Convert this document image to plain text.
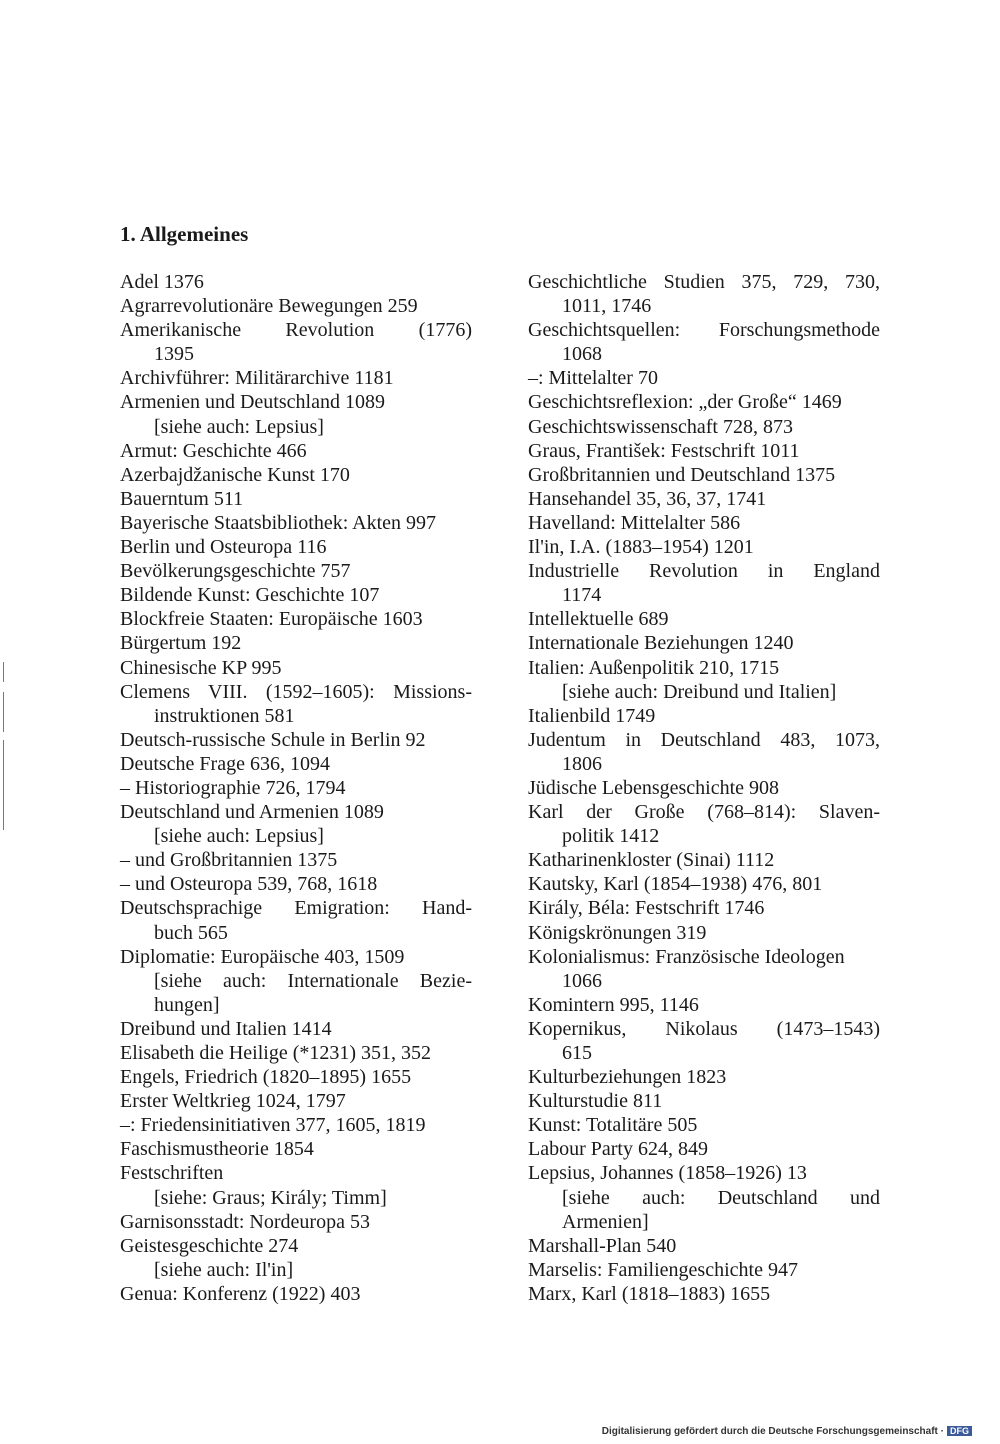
1. Allgemeines
Adel 1376
Agrarrevolutionäre Bewegungen 259
Amerikanische Revolution (1776)
1395
Archivführer: Militärarchive 1181
Armenien und Deutschland 1089
[siehe auch: Lepsius]
Armut: Geschichte 466
Azerbajdžanische Kunst 170
Bauerntum 511
Bayerische Staatsbibliothek: Akten 997
Berlin und Osteuropa 116
Bevölkerungsgeschichte 757
Bildende Kunst: Geschichte 107
Blockfreie Staaten: Europäische 1603
Bürgertum 192
Chinesische KP 995
Clemens VIII. (1592–1605): Missions-
instruktionen 581
Deutsch-russische Schule in Berlin 92
Deutsche Frage 636, 1094
– Historiographie 726, 1794
Deutschland und Armenien 1089
[siehe auch: Lepsius]
– und Großbritannien 1375
– und Osteuropa 539, 768, 1618
Deutschsprachige Emigration: Hand-
buch 565
Diplomatie: Europäische 403, 1509
[siehe auch: Internationale Bezie-
hungen]
Dreibund und Italien 1414
Elisabeth die Heilige (*1231) 351, 352
Engels, Friedrich (1820–1895) 1655
Erster Weltkrieg 1024, 1797
–: Friedensinitiativen 377, 1605, 1819
Faschismustheorie 1854
Festschriften
[siehe: Graus; Király; Timm]
Garnisonsstadt: Nordeuropa 53
Geistesgeschichte 274
[siehe auch: Il'in]
Genua: Konferenz (1922) 403
Geschichtliche Studien 375, 729, 730,
1011, 1746
Geschichtsquellen: Forschungsmethode
1068
–: Mittelalter 70
Geschichtsreflexion: „der Große“ 1469
Geschichtswissenschaft 728, 873
Graus, František: Festschrift 1011
Großbritannien und Deutschland 1375
Hansehandel 35, 36, 37, 1741
Havelland: Mittelalter 586
Il'in, I.A. (1883–1954) 1201
Industrielle Revolution in England
1174
Intellektuelle 689
Internationale Beziehungen 1240
Italien: Außenpolitik 210, 1715
[siehe auch: Dreibund und Italien]
Italienbild 1749
Judentum in Deutschland 483, 1073,
1806
Jüdische Lebensgeschichte 908
Karl der Große (768–814): Slaven-
politik 1412
Katharinenkloster (Sinai) 1112
Kautsky, Karl (1854–1938) 476, 801
Király, Béla: Festschrift 1746
Königskrönungen 319
Kolonialismus: Französische Ideologen
1066
Komintern 995, 1146
Kopernikus, Nikolaus (1473–1543)
615
Kulturbeziehungen 1823
Kulturstudie 811
Kunst: Totalitäre 505
Labour Party 624, 849
Lepsius, Johannes (1858–1926) 13
[siehe auch: Deutschland und
Armenien]
Marshall-Plan 540
Marselis: Familiengeschichte 947
Marx, Karl (1818–1883) 1655
Digitalisierung gefördert durch die Deutsche Forschungsgemeinschaft · DFG
